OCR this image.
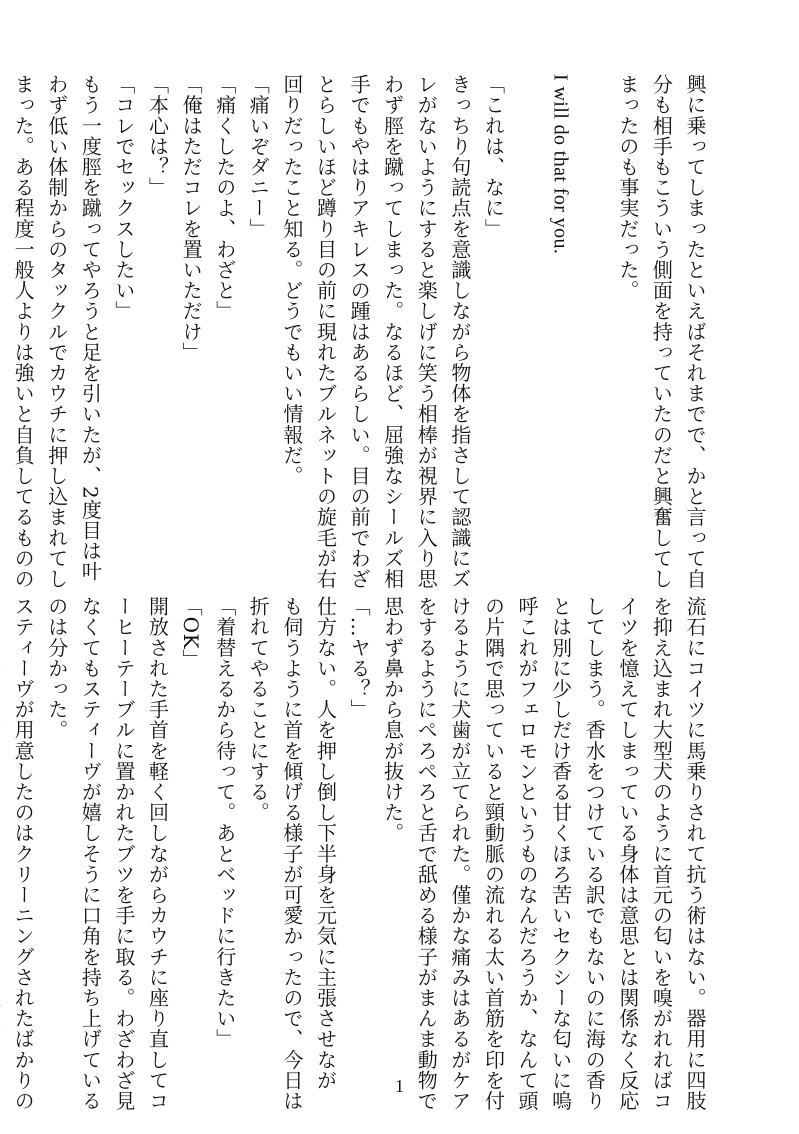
興に乗ってしまったといえばそれまでで、かと言って自
分も相手もこういう側面を持っていたのだと興奮してし
まったのも事実だった。
I will do that for you.
「これは、なに」
きっちり句読点を意識しながら物体を指さして認識にズ
レがないようにすると楽しげに笑う相棒が視界に入り思
わず脛を蹴ってしまった。なるほど、屈強なシールズ相
手でもやはりアキレスの踵はあるらしい。目の前でわざ
とらしいほど蹲り目の前に現れたブルネットの旋毛が右
回りだったこと知る。どうでもいい情報だ。
「痛いぞダニー」
「痛くしたのよ、わざと」
「俺はただコレを置いただけ」
「本心は？」
「コレでセックスしたい」
もう一度脛を蹴ってやろうと足を引いたが、2度目は叶
わず低い体制からのタックルでカウチに押し込まれてし
まった。ある程度一般人よりは強いと自負してるものの
流石にコイツに馬乗りされて抗う術はない。器用に四肢
を抑え込まれ大型犬のように首元の匂いを嗅がれればコ
イツを憶えてしまっている身体は意思とは関係なく反応
してしまう。香水をつけている訳でもないのに海の香り
とは別に少しだけ香る甘くほろ苦いセクシーな匂いに嗚
呼これがフェロモンというものなんだろうか、なんて頭
の片隅で思っていると頸動脈の流れる太い首筋を印を付
けるように犬歯が立てられた。僅かな痛みはあるがケア
をするようにぺろぺろと舌で舐める様子がまんま動物で
思わず鼻から息が抜けた。
「…ヤる？」
仕方ない。人を押し倒し下半身を元気に主張させなが
も伺うように首を傾げる様子が可愛かったので、今日は
折れてやることにする。
「着替えるから待って。あとベッドに行きたい」
「OK」
開放された手首を軽く回しながらカウチに座り直してコ
ーヒーテーブルに置かれたブツを手に取る。わざわざ見
なくてもスティーヴが嬉しそうに口角を持ち上げている
のは分かった。
スティーヴが用意したのはクリーニングされたばかりの	1
